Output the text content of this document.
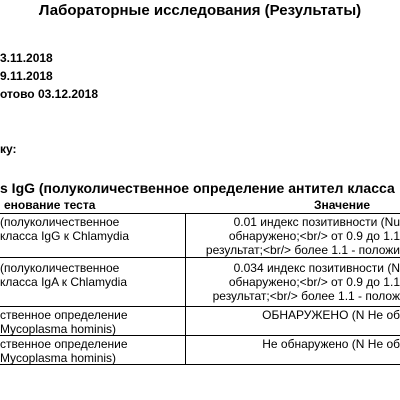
Лабораторные исследования (Результаты)
3.11.2018
9.11.2018
отово 03.12.2018
ку:
s IgG (полуколичественное определение антител класса
енование теста	Значение
(полуколичественное
класса IgG к Chlamydia
0.01 индекс позитивности (Nu
обнаружено;<br/> от 0.9 до 1.1
результат;<br/> более 1.1 - положи
(полуколичественное
класса IgA к Chlamydia
0.034 индекс позитивности (N
обнаружено;<br/> от 0.9 до 1.1
результат;<br/> более 1.1 - полож
ственное определение
Mycoplasma hominis)
ОБНАРУЖЕНО (N Не об
ственное определение
Mycoplasma hominis)
Не обнаружено (N Не об
